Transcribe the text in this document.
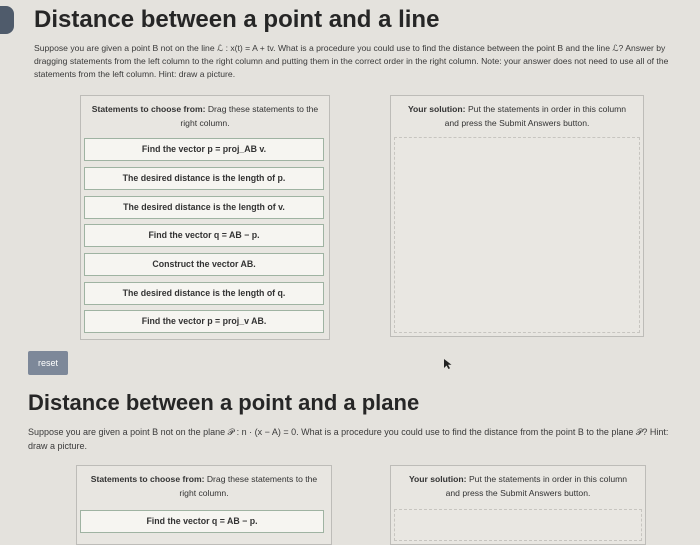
Distance between a point and a line
Suppose you are given a point B not on the line ℒ : x(t) = A + tv. What is a procedure you could use to find the distance between the point B and the line ℒ? Answer by dragging statements from the left column to the right column and putting them in the correct order in the right column. Note: your answer does not need to use all of the statements from the left column. Hint: draw a picture.
Statements to choose from: Drag these statements to the right column.
Your solution: Put the statements in order in this column and press the Submit Answers button.
Find the vector p = proj_AB v.
The desired distance is the length of p.
The desired distance is the length of v.
Find the vector q = AB − p.
Construct the vector AB.
The desired distance is the length of q.
Find the vector p = proj_v AB.
reset
Distance between a point and a plane
Suppose you are given a point B not on the plane 𝒫 : n · (x − A) = 0. What is a procedure you could use to find the distance from the point B to the plane 𝒫? Hint: draw a picture.
Statements to choose from: Drag these statements to the right column.
Your solution: Put the statements in order in this column and press the Submit Answers button.
Find the vector q = AB − p.
